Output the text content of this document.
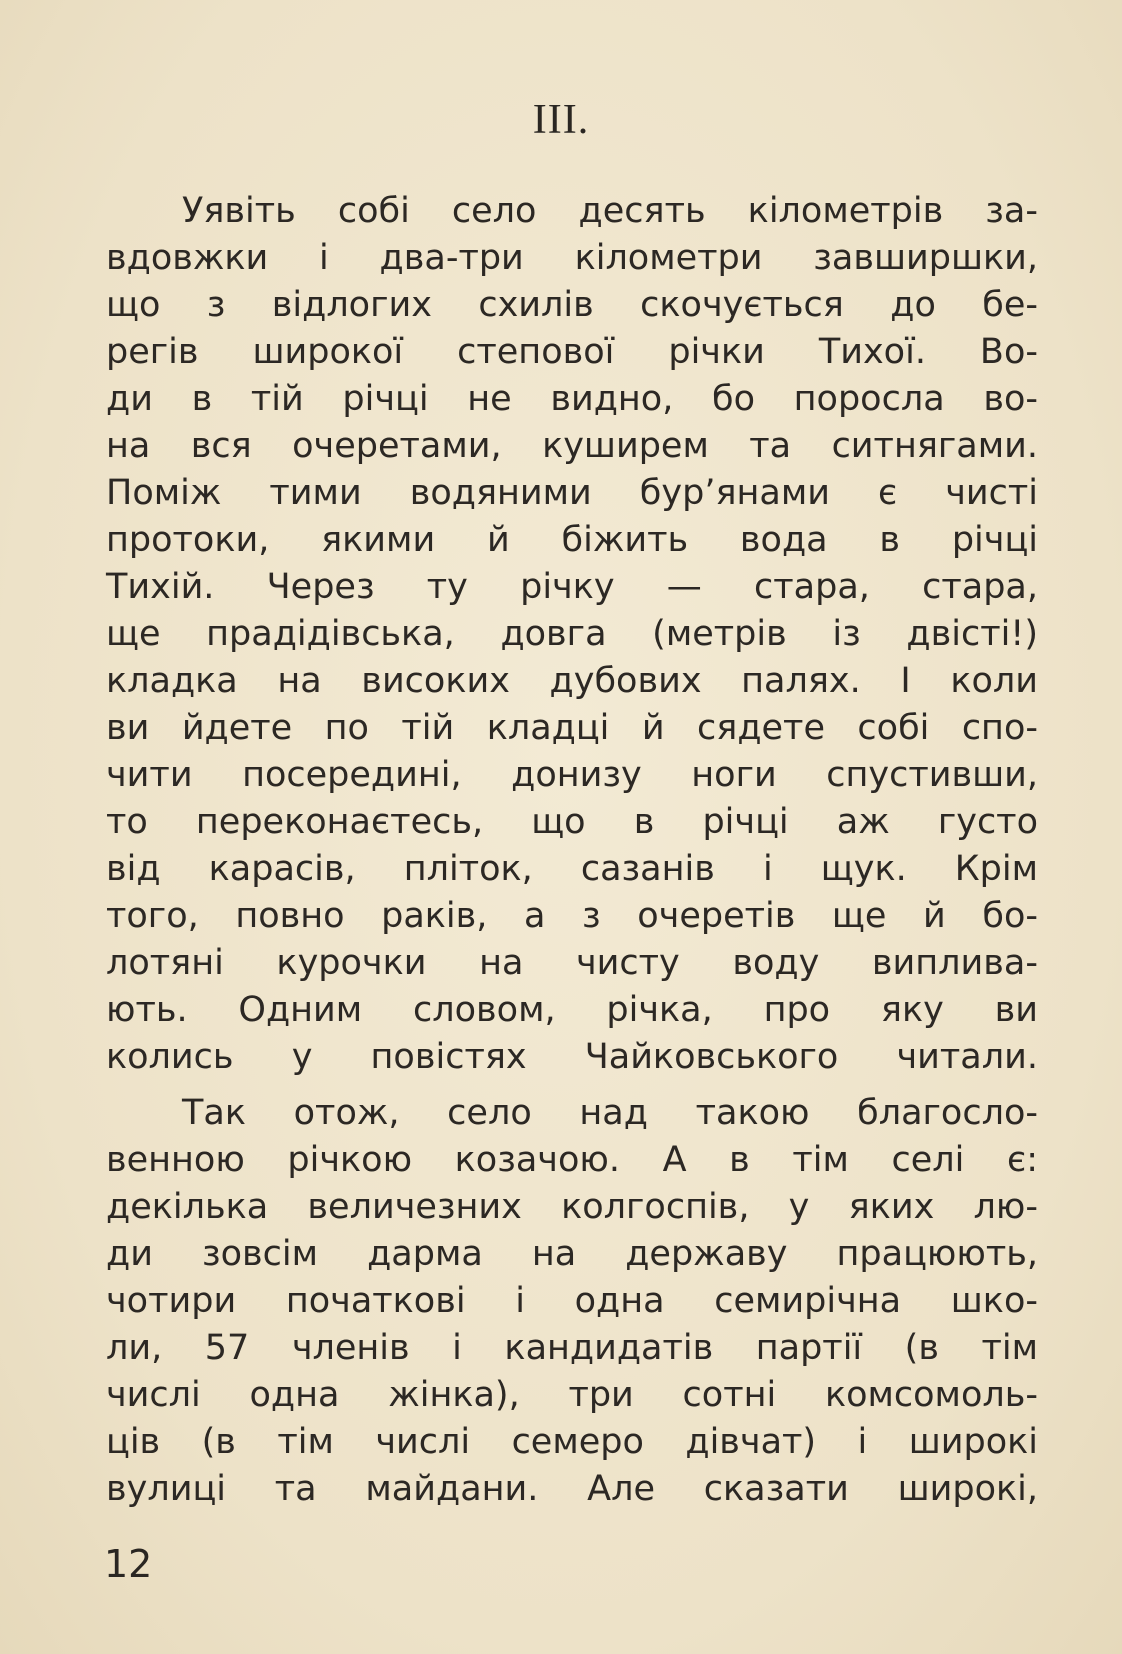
III.
Уявіть собі село десять кілометрів за-
вдовжки і два-три кілометри завширшки,
що з відлогих схилів скочується до бе-
регів широкої степової річки Тихої. Во-
ди в тій річці не видно, бо поросла во-
на вся очеретами, куширем та ситнягами.
Поміж тими водяними бур’янами є чисті
протоки, якими й біжить вода в річці
Тихій. Через ту річку — стара, стара,
ще прадідівська, довга (метрів із двісті!)
кладка на високих дубових палях. І коли
ви йдете по тій кладці й сядете собі спо-
чити посередині, донизу ноги спустивши,
то переконаєтесь, що в річці аж густо
від карасів, пліток, сазанів і щук. Крім
того, повно раків, а з очеретів ще й бо-
лотяні курочки на чисту воду виплива-
ють. Одним словом, річка, про яку ви
колись у повістях Чайковського читали.
Так отож, село над такою благосло-
венною річкою козачою. А в тім селі є:
декілька величезних колгоспів, у яких лю-
ди зовсім дарма на державу працюють,
чотири початкові і одна семирічна шко-
ли, 57 членів і кандидатів партії (в тім
числі одна жінка), три сотні комсомоль-
ців (в тім числі семеро дівчат) і широкі
вулиці та майдани. Але сказати широкі,
12
